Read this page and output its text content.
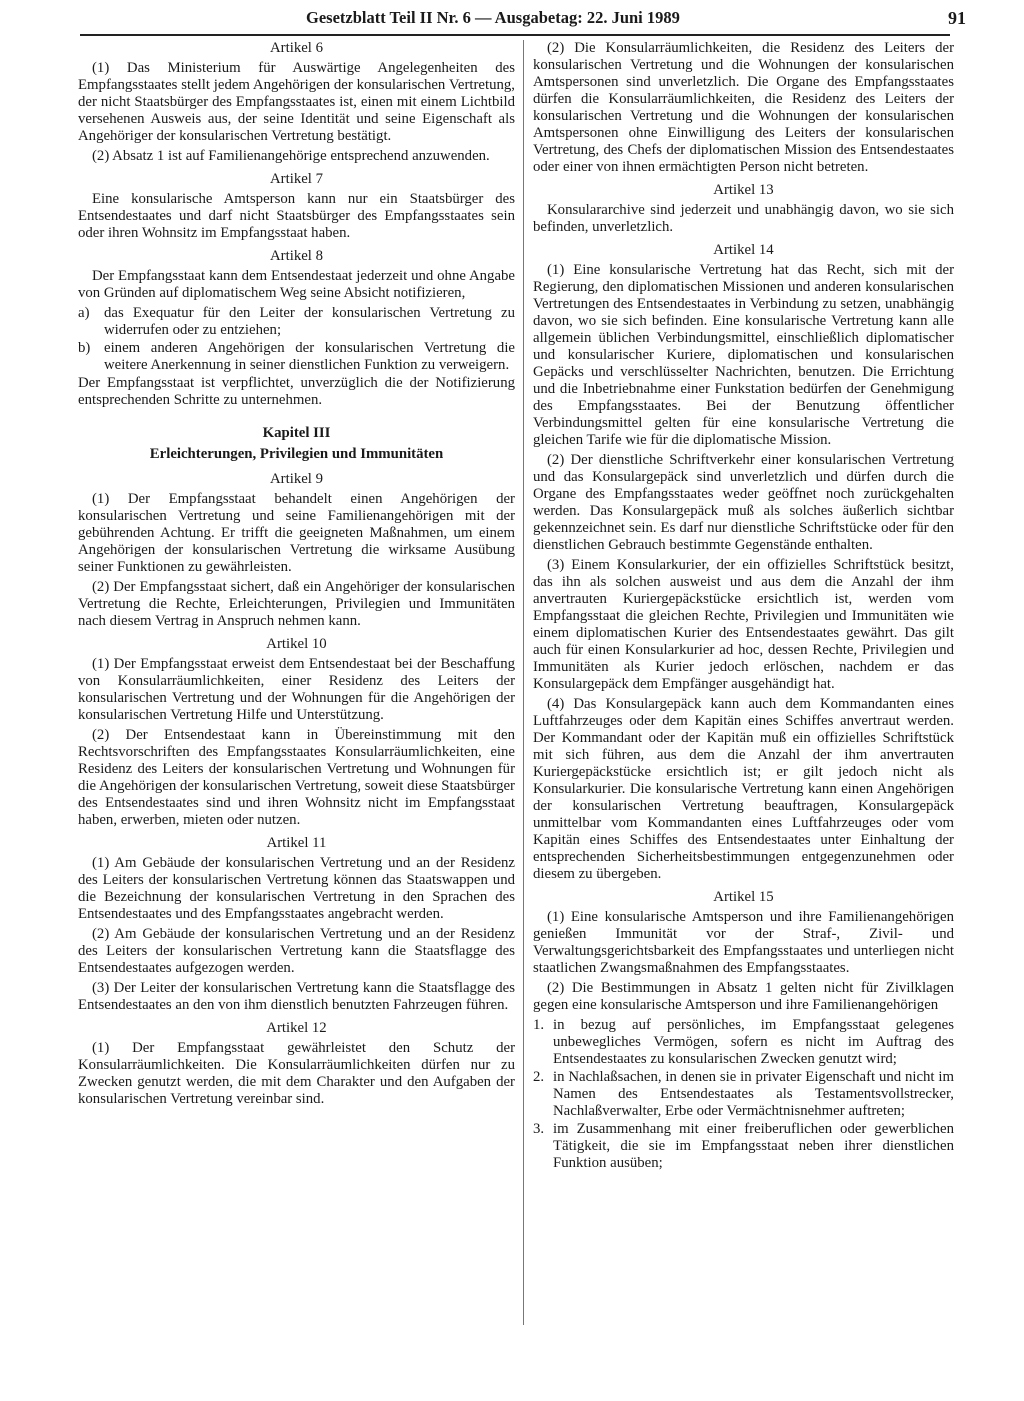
Gesetzblatt Teil II Nr. 6 — Ausgabetag: 22. Juni 1989	91
Artikel 6

(1) Das Ministerium für Auswärtige Angelegenheiten des Empfangsstaates stellt jedem Angehörigen der konsularischen Vertretung, der nicht Staatsbürger des Empfangsstaates ist, einen mit einem Lichtbild versehenen Ausweis aus, der seine Identität und seine Eigenschaft als Angehöriger der konsularischen Vertretung bestätigt.

(2) Absatz 1 ist auf Familienangehörige entsprechend anzuwenden.

Artikel 7

Eine konsularische Amtsperson kann nur ein Staatsbürger des Entsendestaates und darf nicht Staatsbürger des Empfangsstaates sein oder ihren Wohnsitz im Empfangsstaat haben.

Artikel 8

Der Empfangsstaat kann dem Entsendestaat jederzeit und ohne Angabe von Gründen auf diplomatischem Weg seine Absicht notifizieren,

a) das Exequatur für den Leiter der konsularischen Vertretung zu widerrufen oder zu entziehen;
b) einem anderen Angehörigen der konsularischen Vertretung die weitere Anerkennung in seiner dienstlichen Funktion zu verweigern.

Der Empfangsstaat ist verpflichtet, unverzüglich die der Notifizierung entsprechenden Schritte zu unternehmen.

Kapitel III
Erleichterungen, Privilegien und Immunitäten
Artikel 9

(1) Der Empfangsstaat behandelt einen Angehörigen der konsularischen Vertretung und seine Familienangehörigen mit der gebührenden Achtung. Er trifft die geeigneten Maßnahmen, um einem Angehörigen der konsularischen Vertretung die wirksame Ausübung seiner Funktionen zu gewährleisten.

(2) Der Empfangsstaat sichert, daß ein Angehöriger der konsularischen Vertretung die Rechte, Erleichterungen, Privilegien und Immunitäten nach diesem Vertrag in Anspruch nehmen kann.

Artikel 10

(1) Der Empfangsstaat erweist dem Entsendestaat bei der Beschaffung von Konsularräumlichkeiten, einer Residenz des Leiters der konsularischen Vertretung und der Wohnungen für die Angehörigen der konsularischen Vertretung Hilfe und Unterstützung.

(2) Der Entsendestaat kann in Übereinstimmung mit den Rechtsvorschriften des Empfangsstaates Konsularräumlichkeiten, eine Residenz des Leiters der konsularischen Vertretung und Wohnungen für die Angehörigen der konsularischen Vertretung, soweit diese Staatsbürger des Entsendestaates sind und ihren Wohnsitz nicht im Empfangsstaat haben, erwerben, mieten oder nutzen.

Artikel 11

(1) Am Gebäude der konsularischen Vertretung und an der Residenz des Leiters der konsularischen Vertretung können das Staatswappen und die Bezeichnung der konsularischen Vertretung in den Sprachen des Entsendestaates und des Empfangsstaates angebracht werden.

(2) Am Gebäude der konsularischen Vertretung und an der Residenz des Leiters der konsularischen Vertretung kann die Staatsflagge des Entsendestaates aufgezogen werden.

(3) Der Leiter der konsularischen Vertretung kann die Staatsflagge des Entsendestaates an den von ihm dienstlich benutzten Fahrzeugen führen.

Artikel 12

(1) Der Empfangsstaat gewährleistet den Schutz der Konsularräumlichkeiten. Die Konsularräumlichkeiten dürfen nur zu Zwecken genutzt werden, die mit dem Charakter und den Aufgaben der konsularischen Vertretung vereinbar sind.

(2) Die Konsularräumlichkeiten, die Residenz des Leiters der konsularischen Vertretung und die Wohnungen der konsularischen Amtspersonen sind unverletzlich. Die Organe des Empfangsstaates dürfen die Konsularräumlichkeiten, die Residenz des Leiters der konsularischen Vertretung und die Wohnungen der konsularischen Amtspersonen ohne Einwilligung des Leiters der konsularischen Vertretung, des Chefs der diplomatischen Mission des Entsendestaates oder einer von ihnen ermächtigten Person nicht betreten.

Artikel 13

Konsulararchive sind jederzeit und unabhängig davon, wo sie sich befinden, unverletzlich.

Artikel 14

(1) Eine konsularische Vertretung hat das Recht, sich mit der Regierung, den diplomatischen Missionen und anderen konsularischen Vertretungen des Entsendestaates in Verbindung zu setzen, unabhängig davon, wo sie sich befinden. Eine konsularische Vertretung kann alle allgemein üblichen Verbindungsmittel, einschließlich diplomatischer und konsularischer Kuriere, diplomatischen und konsularischen Gepäcks und verschlüsselter Nachrichten, benutzen. Die Errichtung und die Inbetriebnahme einer Funkstation bedürfen der Genehmigung des Empfangsstaates. Bei der Benutzung öffentlicher Verbindungsmittel gelten für eine konsularische Vertretung die gleichen Tarife wie für die diplomatische Mission.

(2) Der dienstliche Schriftverkehr einer konsularischen Vertretung und das Konsulargepäck sind unverletzlich und dürfen durch die Organe des Empfangsstaates weder geöffnet noch zurückgehalten werden. Das Konsulargepäck muß als solches äußerlich sichtbar gekennzeichnet sein. Es darf nur dienstliche Schriftstücke oder für den dienstlichen Gebrauch bestimmte Gegenstände enthalten.

(3) Einem Konsularkurier, der ein offizielles Schriftstück besitzt, das ihn als solchen ausweist und aus dem die Anzahl der ihm anvertrauten Kuriergepäckstücke ersichtlich ist, werden vom Empfangsstaat die gleichen Rechte, Privilegien und Immunitäten wie einem diplomatischen Kurier des Entsendestaates gewährt. Das gilt auch für einen Konsularkurier ad hoc, dessen Rechte, Privilegien und Immunitäten als Kurier jedoch erlöschen, nachdem er das Konsulargepäck dem Empfänger ausgehändigt hat.

(4) Das Konsulargepäck kann auch dem Kommandanten eines Luftfahrzeuges oder dem Kapitän eines Schiffes anvertraut werden. Der Kommandant oder der Kapitän muß ein offizielles Schriftstück mit sich führen, aus dem die Anzahl der ihm anvertrauten Kuriergepäckstücke ersichtlich ist; er gilt jedoch nicht als Konsularkurier. Die konsularische Vertretung kann einen Angehörigen der konsularischen Vertretung beauftragen, Konsulargepäck unmittelbar vom Kommandanten eines Luftfahrzeuges oder vom Kapitän eines Schiffes des Entsendestaates unter Einhaltung der entsprechenden Sicherheitsbestimmungen entgegenzunehmen oder diesem zu übergeben.

Artikel 15

(1) Eine konsularische Amtsperson und ihre Familienangehörigen genießen Immunität vor der Straf-, Zivil- und Verwaltungsgerichtsbarkeit des Empfangsstaates und unterliegen nicht staatlichen Zwangsmaßnahmen des Empfangsstaates.

(2) Die Bestimmungen in Absatz 1 gelten nicht für Zivilklagen gegen eine konsularische Amtsperson und ihre Familienangehörigen

1. in bezug auf persönliches, im Empfangsstaat gelegenes unbewegliches Vermögen, sofern es nicht im Auftrag des Entsendestaates zu konsularischen Zwecken genutzt wird;
2. in Nachlaßsachen, in denen sie in privater Eigenschaft und nicht im Namen des Entsendestaates als Testamentsvollstrecker, Nachlaßverwalter, Erbe oder Vermächtnisnehmer auftreten;
3. im Zusammenhang mit einer freiberuflichen oder gewerblichen Tätigkeit, die sie im Empfangsstaat neben ihrer dienstlichen Funktion ausüben;
